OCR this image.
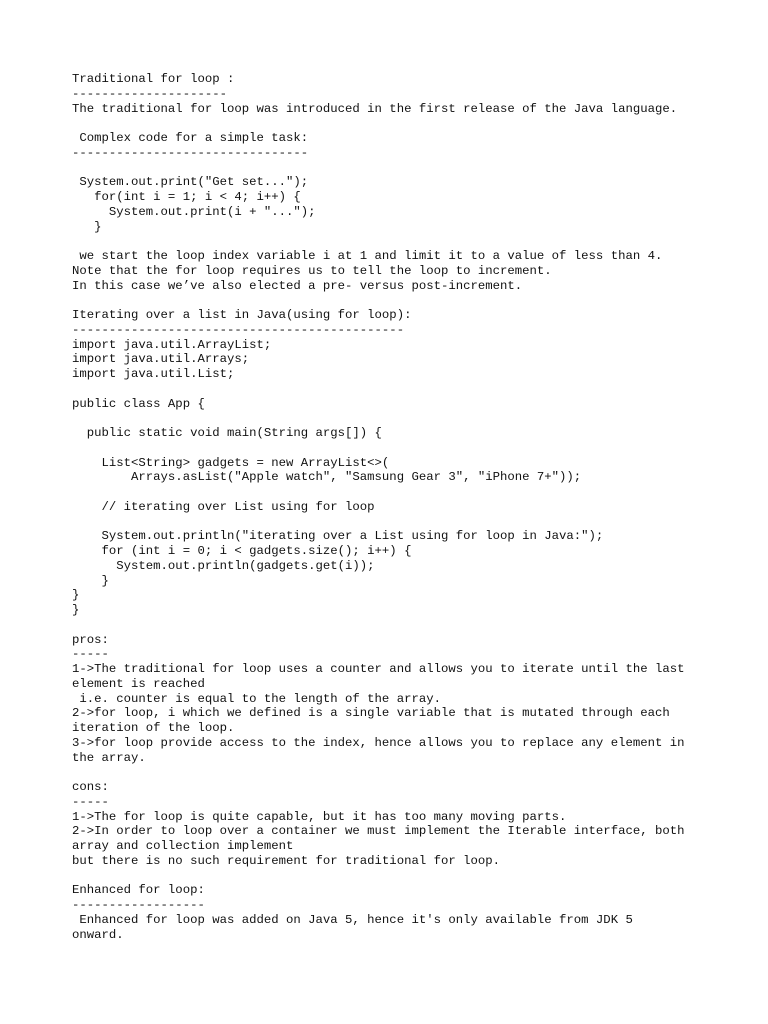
Traditional for loop :
---------------------
The traditional for loop was introduced in the first release of the Java language.
Complex code for a simple task:
--------------------------------
System.out.print("Get set...");
for(int i = 1; i < 4; i++) {
System.out.print(i + "...");
}
we start the loop index variable i at 1 and limit it to a value of less than 4.
Note that the for loop requires us to tell the loop to increment.
In this case we’ve also elected a pre- versus post-increment.
Iterating over a list in Java(using for loop):
---------------------------------------------
import java.util.ArrayList;
import java.util.Arrays;
import java.util.List;
public class App {
public static void main(String args[]) {
List<String> gadgets = new ArrayList<>(
Arrays.asList("Apple watch", "Samsung Gear 3", "iPhone 7+"));
// iterating over List using for loop
System.out.println("iterating over a List using for loop in Java:");
for (int i = 0; i < gadgets.size(); i++) {
System.out.println(gadgets.get(i));
}
}
}
pros:
-----
1->The traditional for loop uses a counter and allows you to iterate until the last
element is reached
i.e. counter is equal to the length of the array.
2->for loop, i which we defined is a single variable that is mutated through each
iteration of the loop.
3->for loop provide access to the index, hence allows you to replace any element in
the array.
cons:
-----
1->The for loop is quite capable, but it has too many moving parts.
2->In order to loop over a container we must implement the Iterable interface, both
array and collection implement
but there is no such requirement for traditional for loop.
Enhanced for loop:
------------------
Enhanced for loop was added on Java 5, hence it's only available from JDK 5
onward.
